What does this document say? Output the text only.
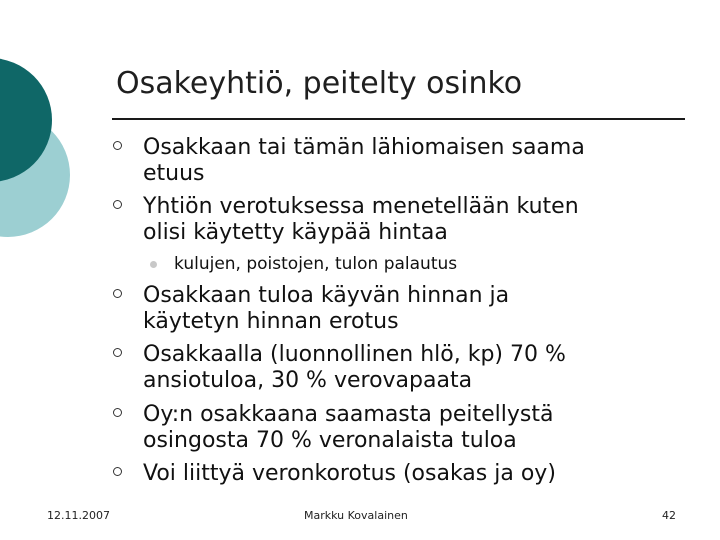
Osakeyhtiö, peitelty osinko
Osakkaan tai tämän lähiomaisen saama
etuus
Yhtiön verotuksessa menetellään kuten
olisi käytetty käypää hintaa
kulujen, poistojen, tulon palautus
Osakkaan tuloa käyvän hinnan ja
käytetyn hinnan erotus
Osakkaalla (luonnollinen hlö, kp) 70 %
ansiotuloa, 30 % verovapaata
Oy:n osakkaana saamasta peitellystä
osingosta 70 % veronalaista tuloa
Voi liittyä veronkorotus (osakas ja oy)
12.11.2007	Markku Kovalainen	42
